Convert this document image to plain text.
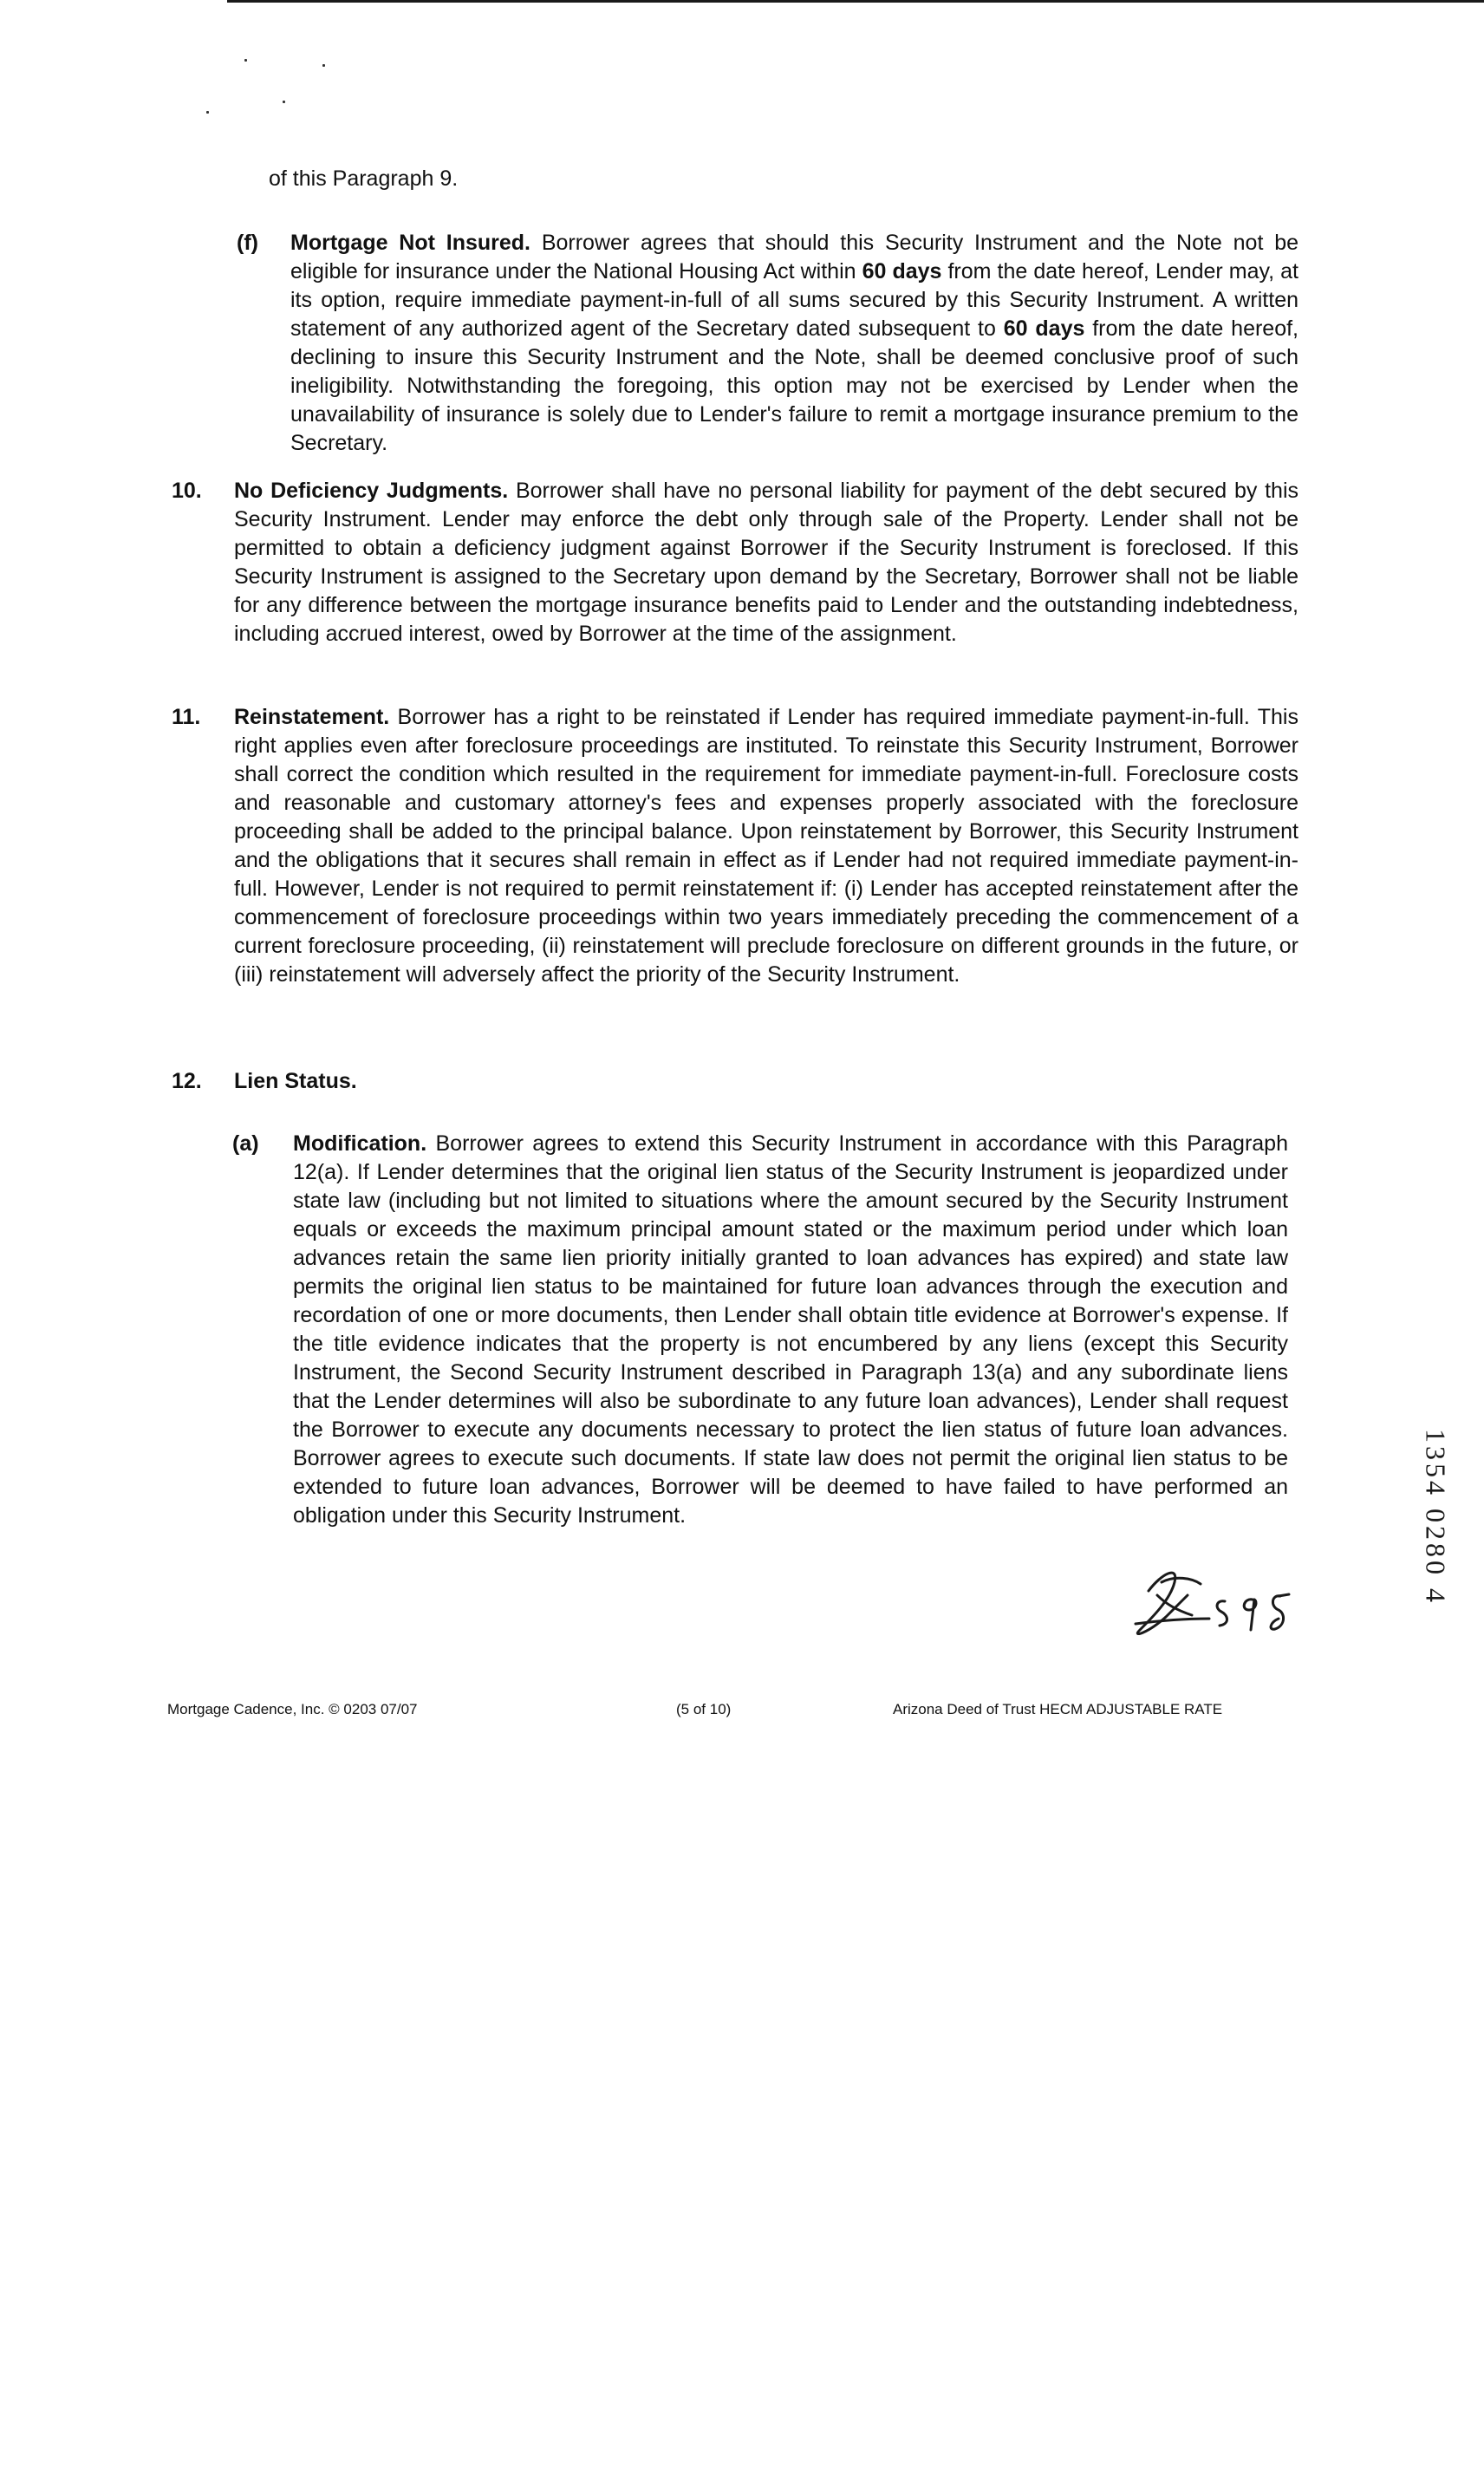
of this Paragraph 9.
(f) Mortgage Not Insured. Borrower agrees that should this Security Instrument and the Note not be eligible for insurance under the National Housing Act within 60 days from the date hereof, Lender may, at its option, require immediate payment-in-full of all sums secured by this Security Instrument. A written statement of any authorized agent of the Secretary dated subsequent to 60 days from the date hereof, declining to insure this Security Instrument and the Note, shall be deemed conclusive proof of such ineligibility. Notwithstanding the foregoing, this option may not be exercised by Lender when the unavailability of insurance is solely due to Lender's failure to remit a mortgage insurance premium to the Secretary.
10. No Deficiency Judgments. Borrower shall have no personal liability for payment of the debt secured by this Security Instrument. Lender may enforce the debt only through sale of the Property. Lender shall not be permitted to obtain a deficiency judgment against Borrower if the Security Instrument is foreclosed. If this Security Instrument is assigned to the Secretary upon demand by the Secretary, Borrower shall not be liable for any difference between the mortgage insurance benefits paid to Lender and the outstanding indebtedness, including accrued interest, owed by Borrower at the time of the assignment.
11. Reinstatement. Borrower has a right to be reinstated if Lender has required immediate payment-in-full. This right applies even after foreclosure proceedings are instituted. To reinstate this Security Instrument, Borrower shall correct the condition which resulted in the requirement for immediate payment-in-full. Foreclosure costs and reasonable and customary attorney's fees and expenses properly associated with the foreclosure proceeding shall be added to the principal balance. Upon reinstatement by Borrower, this Security Instrument and the obligations that it secures shall remain in effect as if Lender had not required immediate payment-in-full. However, Lender is not required to permit reinstatement if: (i) Lender has accepted reinstatement after the commencement of foreclosure proceedings within two years immediately preceding the commencement of a current foreclosure proceeding, (ii) reinstatement will preclude foreclosure on different grounds in the future, or (iii) reinstatement will adversely affect the priority of the Security Instrument.
12. Lien Status.
(a) Modification. Borrower agrees to extend this Security Instrument in accordance with this Paragraph 12(a). If Lender determines that the original lien status of the Security Instrument is jeopardized under state law (including but not limited to situations where the amount secured by the Security Instrument equals or exceeds the maximum principal amount stated or the maximum period under which loan advances retain the same lien priority initially granted to loan advances has expired) and state law permits the original lien status to be maintained for future loan advances through the execution and recordation of one or more documents, then Lender shall obtain title evidence at Borrower's expense. If the title evidence indicates that the property is not encumbered by any liens (except this Security Instrument, the Second Security Instrument described in Paragraph 13(a) and any subordinate liens that the Lender determines will also be subordinate to any future loan advances), Lender shall request the Borrower to execute any documents necessary to protect the lien status of future loan advances. Borrower agrees to execute such documents. If state law does not permit the original lien status to be extended to future loan advances, Borrower will be deemed to have failed to have performed an obligation under this Security Instrument.	1354 0280 4
Mortgage Cadence, Inc. © 0203 07/07	(5 of 10)	Arizona Deed of Trust HECM ADJUSTABLE RATE
